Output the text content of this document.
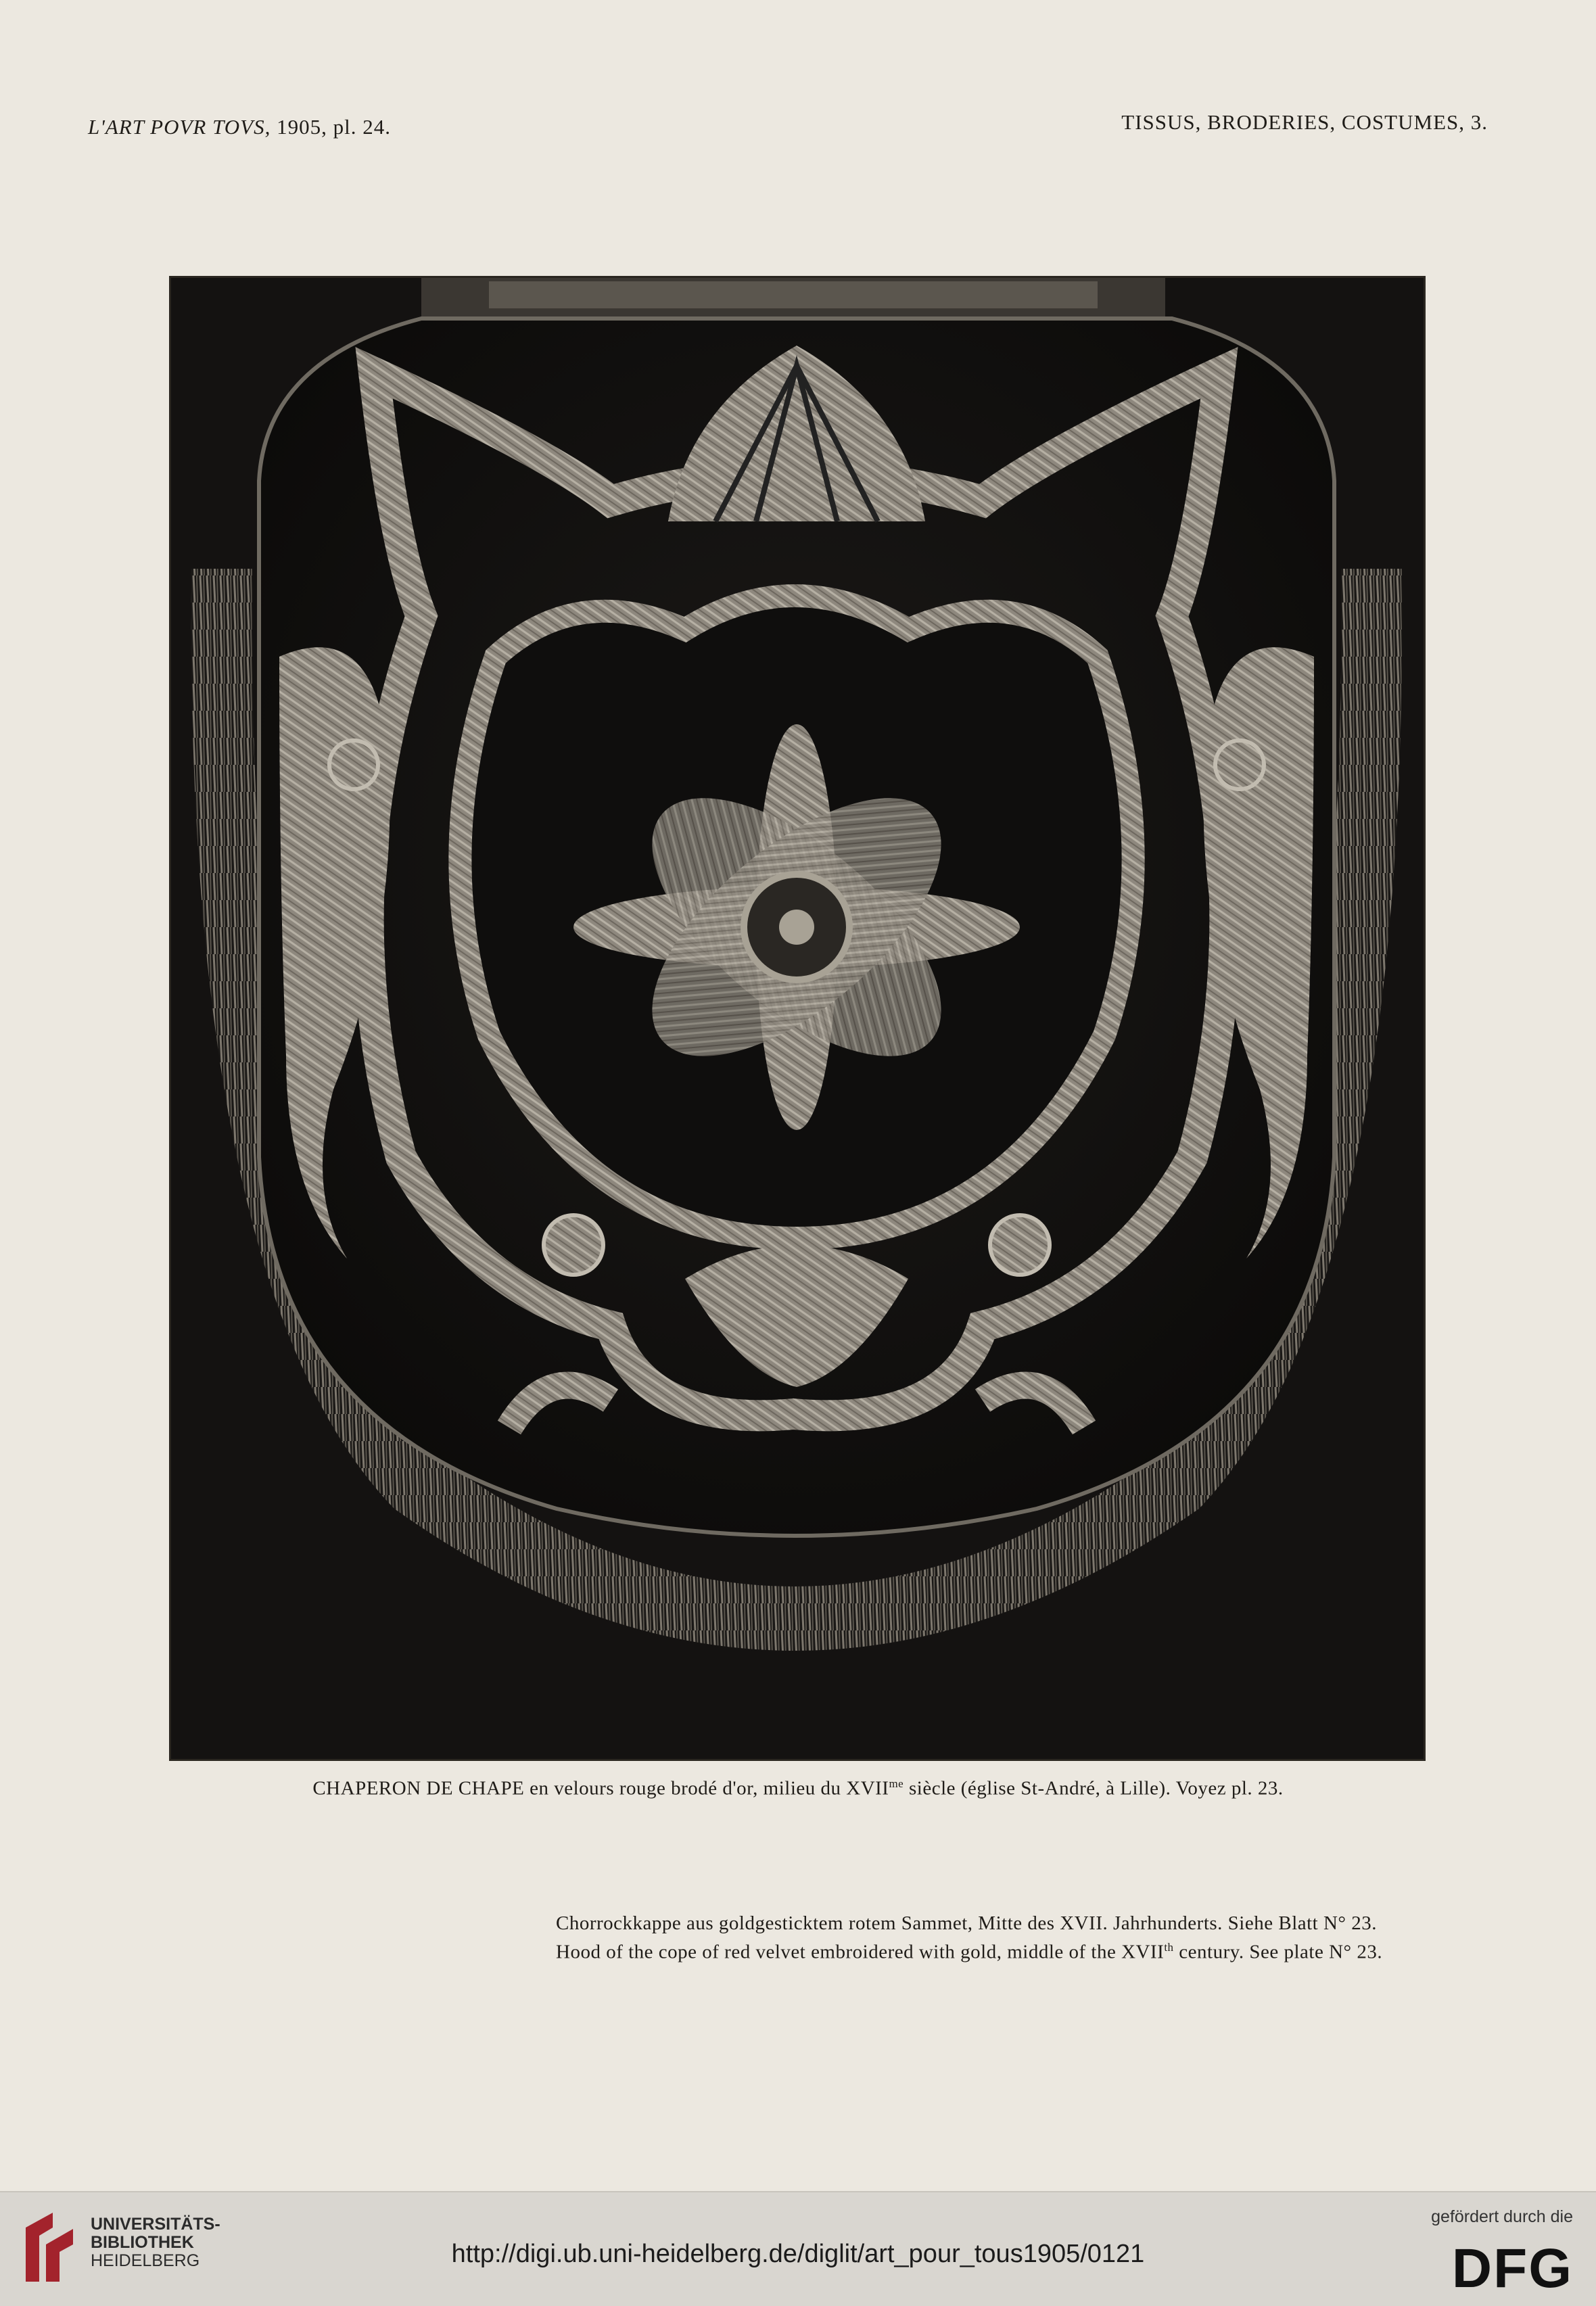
L'ART POVR TOVS, 1905, pl. 24.	TISSUS, BRODERIES, COSTUMES, 3.
CHAPERON DE CHAPE en velours rouge brodé d'or, milieu du $XVII^{me}$ siècle (église St-André, à Lille). Voyez pl. 23.
Chorrockkappe aus goldgesticktem rotem Sammet, Mitte des XVII. Jahrhunderts. Siehe Blatt N° 23.
Hood of the cope of red velvet embroidered with gold, middle of the XVIIth century. See plate N° 23.
UNIVERSITÄTS-
BIBLIOTHEK
HEIDELBERG	http://digi.ub.uni-heidelberg.de/diglit/art_pour_tous1905/0121
gefördert durch die
DFG
